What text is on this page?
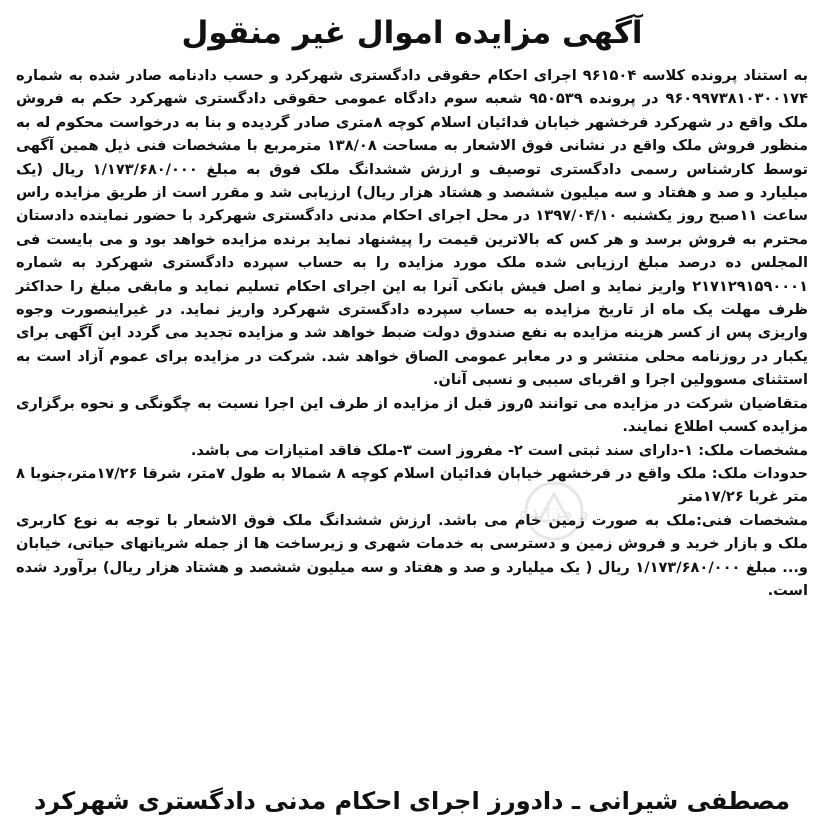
آگهی مزایده اموال غیر منقول

به استناد پرونده کلاسه ۹۶۱۵۰۴ اجرای احکام حقوقی دادگستری شهرکرد و حسب دادنامه صادر شده به شماره ۹۶۰۹۹۷۳۸۱۰۳۰۰۱۷۴ در پرونده ۹۵۰۵۳۹ شعبه سوم دادگاه عمومی حقوقی دادگستری شهرکرد حکم به فروش ملک واقع در شهرکرد فرخشهر خیابان فدائیان اسلام کوچه ۸متری صادر گردیده و بنا به درخواست محکوم له به منظور فروش ملک واقع در نشانی فوق الاشعار به مساحت ۱۳۸/۰۸ مترمربع با مشخصات فنی ذیل همین آگهی توسط کارشناس رسمی دادگستری توصیف و ارزش ششدانگ ملک فوق به مبلغ ۱/۱۷۳/۶۸۰/۰۰۰ ریال (یک میلیارد و صد و هفتاد و سه میلیون ششصد و هشتاد هزار ریال) ارزیابی شد و مقرر است از طریق مزایده راس ساعت ۱۱صبح روز یکشنبه ۱۳۹۷/۰۴/۱۰ در محل اجرای احکام مدنی دادگستری شهرکرد با حضور نماینده دادستان محترم به فروش برسد و هر کس که بالاترین قیمت را پیشنهاد نماید برنده مزایده خواهد بود و می بایست فی المجلس ده درصد مبلغ ارزیابی شده ملک مورد مزایده را به حساب سپرده دادگستری شهرکرد به شماره ۲۱۷۱۲۹۱۵۹۰۰۰۱ واریز نماید و اصل فیش بانکی آنرا به این اجرای احکام تسلیم نماید و مابقی مبلغ را حداکثر ظرف مهلت یک ماه از تاریخ مزایده به حساب سپرده دادگستری شهرکرد واریز نماید. در غیراینصورت وجوه واریزی پس از کسر هزینه مزایده به نفع صندوق دولت ضبط خواهد شد و مزایده تجدید می گردد این آگهی برای یکبار در روزنامه محلی منتشر و در معابر عمومی الصاق خواهد شد. شرکت در مزایده برای عموم آزاد است به استثنای مسوولین اجرا و اقربای سببی و نسبی آنان.

متقاضیان شرکت در مزایده می توانند ۵روز قبل از مزایده از طرف این اجرا نسبت به چگونگی و نحوه برگزاری مزایده کسب اطلاع نمایند.

مشخصات ملک: ۱-دارای سند ثبتی است ۲- مفروز است ۳-ملک فاقد امتیازات می باشد.

حدودات ملک: ملک واقع در فرخشهر خیابان فدائیان اسلام کوچه ۸ شمالا به طول ۷متر، شرقا ۱۷/۲۶متر،جنوبا ۸ متر غربا ۱۷/۲۶متر

مشخصات فنی:ملک به صورت زمین خام می باشد. ارزش ششدانگ ملک فوق الاشعار با توجه به نوع کاربری ملک و بازار خرید و فروش زمین و دسترسی به خدمات شهری و زیرساخت ها از جمله شریانهای حیاتی، خیابان و... مبلغ ۱/۱۷۳/۶۸۰/۰۰۰ ریال ( یک میلیارد و صد و هفتاد و سه میلیون ششصد و هشتاد هزار ریال) برآورد شده است.

و مزایده
مصطفی شیرانی ـ دادورز اجرای احکام مدنی دادگستری شهرکرد
